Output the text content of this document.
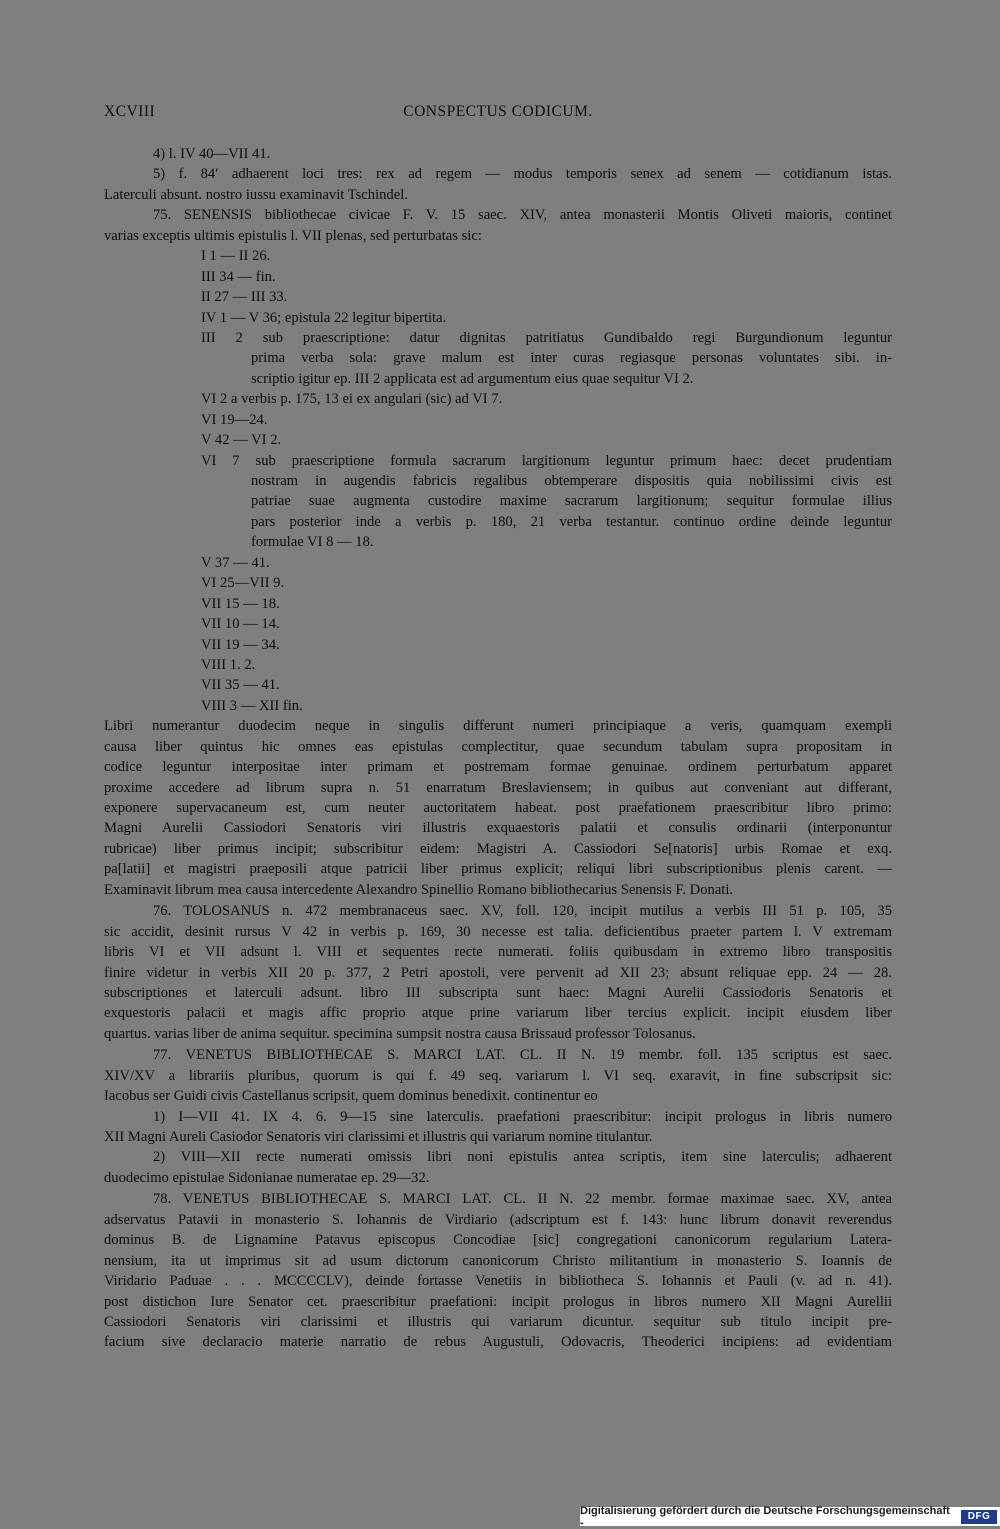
XCVIII	CONSPECTUS CODICUM.
4) l. IV 40—VII 41.
5) f. 84′ adhaerent loci tres: rex ad regem — modus temporis senex ad senem — cotidianum istas.
Laterculi absunt. nostro iussu examinavit Tschindel.
75. SENENSIS bibliothecae civicae F. V. 15 saec. XIV, antea monasterii Montis Oliveti maioris, continet
varias exceptis ultimis epistulis l. VII plenas, sed perturbatas sic:
I 1 — II 26.
III 34 — fin.
II 27 — III 33.
IV 1 — V 36; epistula 22 legitur bipertita.
III 2 sub praescriptione: datur dignitas patritiatus Gundibaldo regi Burgundionum leguntur
prima verba sola: grave malum est inter curas regiasque personas voluntates sibi. in-
scriptio igitur ep. III 2 applicata est ad argumentum eius quae sequitur VI 2.
VI 2 a verbis p. 175, 13 ei ex angulari (sic) ad VI 7.
VI 19—24.
V 42 — VI 2.
VI 7 sub praescriptione formula sacrarum largitionum leguntur primum haec: decet prudentiam
nostram in augendis fabricis regalibus obtemperare dispositis quia nobilissimi civis est
patriae suae augmenta custodire maxime sacrarum largitionum; sequitur formulae illius
pars posterior inde a verbis p. 180, 21 verba testantur. continuo ordine deinde leguntur
formulae VI 8 — 18.
V 37 — 41.
VI 25—VII 9.
VII 15 — 18.
VII 10 — 14.
VII 19 — 34.
VIII 1. 2.
VII 35 — 41.
VIII 3 — XII fin.
Libri numerantur duodecim neque in singulis differunt numeri principiaque a veris, quamquam exempli
causa liber quintus hic omnes eas epistulas complectitur, quae secundum tabulam supra propositam in
codice leguntur interpositae inter primam et postremam formae genuinae. ordinem perturbatum apparet
proxime accedere ad librum supra n. 51 enarratum Breslaviensem; in quibus aut conveniant aut differant,
exponere supervacaneum est, cum neuter auctoritatem habeat. post praefationem praescribitur libro primo:
Magni Aurelii Cassiodori Senatoris viri illustris exquaestoris palatii et consulis ordinarii (interponuntur
rubricae) liber primus incipit; subscribitur eidem: Magistri A. Cassiodori Se[natoris] urbis Romae et exq.
pa[latii] et magistri praeposili atque patricii liber primus explicit; reliqui libri subscriptionibus plenis carent. —
Examinavit librum mea causa intercedente Alexandro Spinellio Romano bibliothecarius Senensis F. Donati.
76. TOLOSANUS n. 472 membranaceus saec. XV, foll. 120, incipit mutilus a verbis III 51 p. 105, 35
sic accidit, desinit rursus V 42 in verbis p. 169, 30 necesse est talia. deficientibus praeter partem l. V extremam
libris VI et VII adsunt l. VIII et sequentes recte numerati. foliis quibusdam in extremo libro transpositis
finire videtur in verbis XII 20 p. 377, 2 Petri apostoli, vere pervenit ad XII 23; absunt reliquae epp. 24 — 28.
subscriptiones et laterculi adsunt. libro III subscripta sunt haec: Magni Aurelii Cassiodoris Senatoris et
exquestoris palacii et magis affic proprio atque prine variarum liber tercius explicit. incipit eiusdem liber
quartus. varias liber de anima sequitur. specimina sumpsit nostra causa Brissaud professor Tolosanus.
77. VENETUS BIBLIOTHECAE S. MARCI LAT. CL. II N. 19 membr. foll. 135 scriptus est saec.
XIV/XV a librariis pluribus, quorum is qui f. 49 seq. variarum l. VI seq. exaravit, in fine subscripsit sic:
Iacobus ser Guidi civis Castellanus scripsit, quem dominus benedixit. continentur eo
1) I—VII 41. IX 4. 6. 9—15 sine laterculis. praefationi praescribitur: incipit prologus in libris numero
XII Magni Aureli Casiodor Senatoris viri clarissimi et illustris qui variarum nomine titulantur.
2) VIII—XII recte numerati omissis libri noni epistulis antea scriptis, item sine laterculis; adhaerent
duodecimo epistulae Sidonianae numeratae ep. 29—32.
78. VENETUS BIBLIOTHECAE S. MARCI LAT. CL. II N. 22 membr. formae maximae saec. XV, antea
adservatus Patavii in monasterio S. Iohannis de Virdiario (adscriptum est f. 143: hunc librum donavit reverendus
dominus B. de Lignamine Patavus episcopus Concodiae [sic] congregationi canonicorum regularium Latera-
nensium, ita ut imprimus sit ad usum dictorum canonicorum Christo militantium in monasterio S. Ioannis de
Viridario Paduae . . . MCCCCLV), deinde fortasse Venetiis in bibliotheca S. Iohannis et Pauli (v. ad n. 41).
post distichon Iure Senator cet. praescribitur praefationi: incipit prologus in libros numero XII Magni Aurellii
Cassiodori Senatoris viri clarissimi et illustris qui variarum dicuntur. sequitur sub titulo incipit pre-
facium sive declaracio materie narratio de rebus Augustuli, Odovacris, Theoderici incipiens: ad evidentiam
Digitalisierung gefördert durch die Deutsche Forschungsgemeinschaft -	DFG
